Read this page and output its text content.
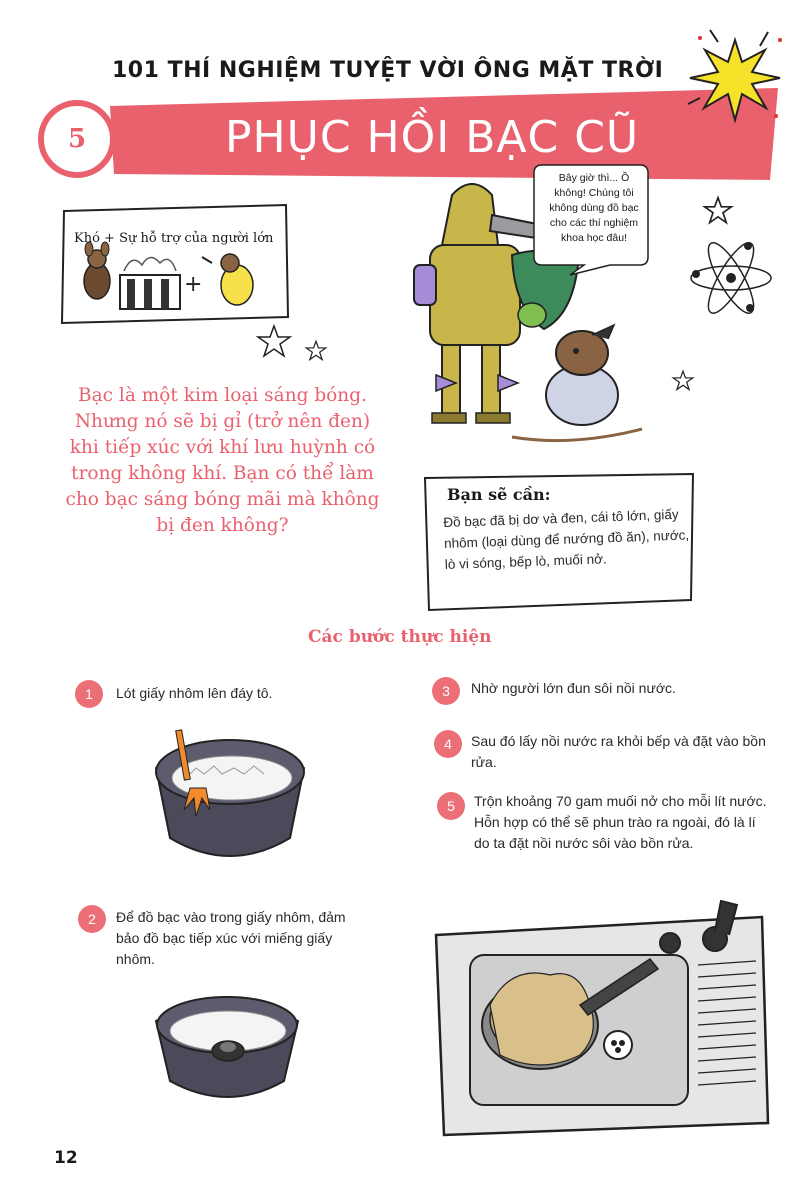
101 THÍ NGHIỆM TUYỆT VỜI ÔNG MẶT TRỜI
5	PHỤC HỒI BẠC CŨ
+
Khó + Sự hỗ trợ của người lớn
Bạc là một kim loại sáng bóng. Nhưng nó sẽ bị gỉ (trở nên đen) khi tiếp xúc với khí lưu huỳnh có trong không khí. Bạn có thể làm cho bạc sáng bóng mãi mà không bị đen không?
Bây giờ thì... Ồ không! Chúng tôi không dùng đồ bạc cho các thí nghiệm khoa học đâu!
Bạn sẽ cần:
Đồ bạc đã bị dơ và đen, cái tô lớn, giấy nhôm (loại dùng để nướng đồ ăn), nước, lò vi sóng, bếp lò, muối nở.
Các bước thực hiện
1	Lót giấy nhôm lên đáy tô.
2	Để đồ bạc vào trong giấy nhôm, đảm bảo đồ bạc tiếp xúc với miếng giấy nhôm.
3	Nhờ người lớn đun sôi nồi nước.
4	Sau đó lấy nồi nước ra khỏi bếp và đặt vào bồn rửa.
5	Trộn khoảng 70 gam muối nở cho mỗi lít nước. Hỗn hợp có thể sẽ phun trào ra ngoài, đó là lí do ta đặt nồi nước sôi vào bồn rửa.
12
